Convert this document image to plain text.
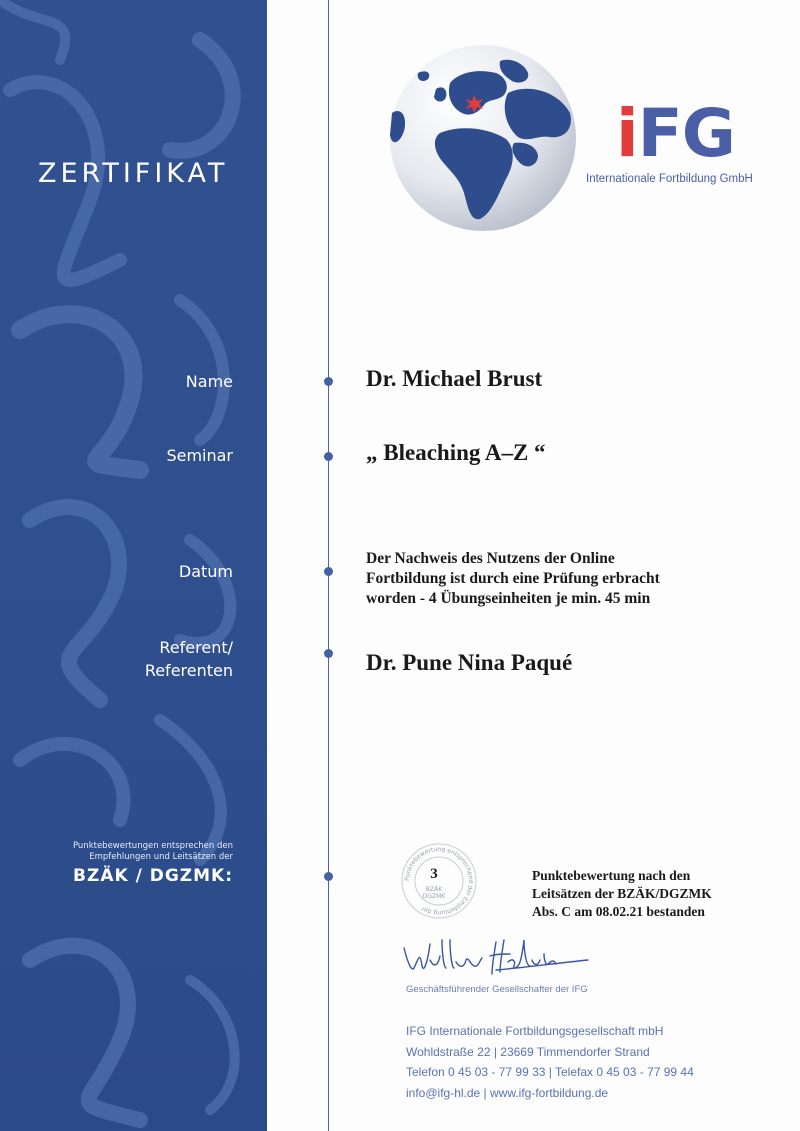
ZERTIFIKAT
Name
Seminar
Datum
Referent/
Referenten
Punktebewertungen entsprechen den
Empfehlungen und Leitsätzen der
BZÄK / DGZMK:
iFG
Internationale Fortbildung GmbH
Dr. Michael Brust
„ Bleaching A–Z “
Der Nachweis des Nutzens der Online
Fortbildung ist durch eine Prüfung erbracht
worden - 4 Übungseinheiten je min. 45 min
Dr. Pune Nina Paqué
Punktebewertung entsprechend der Empfehlung der
3
BZÄK
DGZMK
Punktebewertung nach den
Leitsätzen der BZÄK/DGZMK
Abs. C am 08.02.21 bestanden
Geschäftsführender Gesellschafter der IFG
IFG Internationale Fortbildungsgesellschaft mbH
Wohldstraße 22 | 23669 Timmendorfer Strand
Telefon 0 45 03 - 77 99 33 | Telefax 0 45 03 - 77 99 44
info@ifg-hl.de | www.ifg-fortbildung.de
